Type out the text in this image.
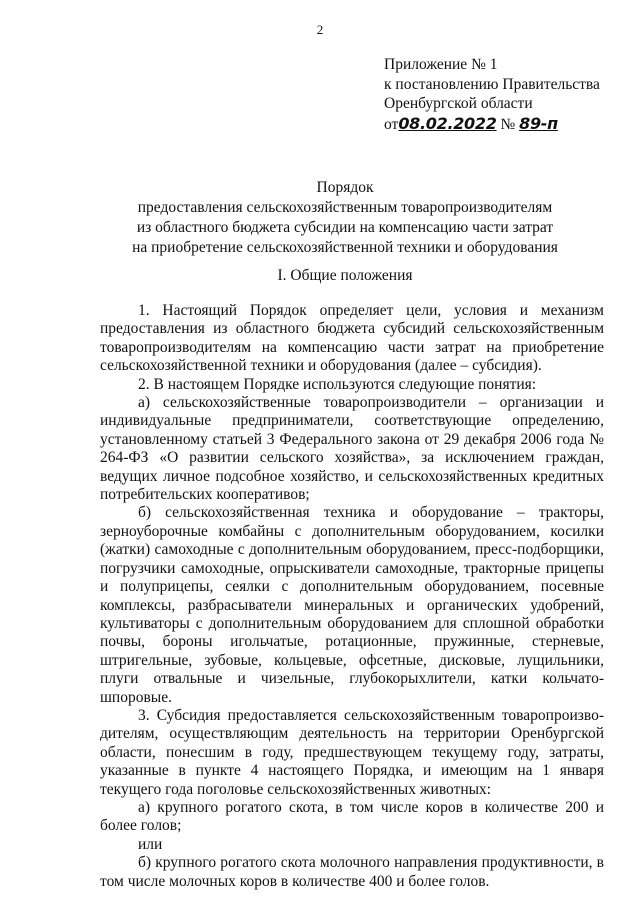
2
Приложение № 1
к постановлению Правительства
Оренбургской области
от08.02.2022 № 89-п
Порядок
предоставления сельскохозяйственным товаропроизводителям
из областного бюджета субсидии на компенсацию части затрат
на приобретение сельскохозяйственной техники и оборудования
I. Общие положения

1. Настоящий Порядок определяет цели, условия и механизм предоставления из областного бюджета субсидий сельскохозяйственным товаропроизводителям на компенсацию части затрат на приобретение сельскохозяйственной техники и оборудования (далее – субсидия).

2. В настоящем Порядке используются следующие понятия:

а) сельскохозяйственные товаропроизводители – организации и индивидуальные предприниматели, соответствующие определению, установленному статьей 3 Федерального закона от 29 декабря 2006 года № 264-ФЗ «О развитии сельского хозяйства», за исключением граждан, ведущих личное подсобное хозяйство, и сельскохозяйственных кредитных потребительских кооперативов;

б) сельскохозяйственная техника и оборудование – тракторы, зерноуборочные комбайны с дополнительным оборудованием, косилки (жатки) самоходные с дополнительным оборудованием, пресс-подборщики, погрузчики самоходные, опрыскиватели самоходные, тракторные прицепы и полуприцепы, сеялки с дополнительным оборудованием, посевные комплексы, разбрасыватели минеральных и органических удобрений, культиваторы с дополнительным оборудованием для сплошной обработки почвы, бороны игольчатые, ротационные, пружинные, стерневые, штригельные, зубовые, кольцевые, офсетные, дисковые, лущильники, плуги отвальные и чизельные, глубокорыхлители, катки кольчато-шпоровые.

3. Субсидия предоставляется сельскохозяйственным товаропроизво-дителям, осуществляющим деятельность на территории Оренбургской области, понесшим в году, предшествующем текущему году, затраты, указанные в пункте 4 настоящего Порядка, и имеющим на 1 января текущего года поголовье сельскохозяйственных животных:

а) крупного рогатого скота, в том числе коров в количестве 200 и более голов;

или

б) крупного рогатого скота молочного направления продуктивности, в том числе молочных коров в количестве 400 и более голов.
